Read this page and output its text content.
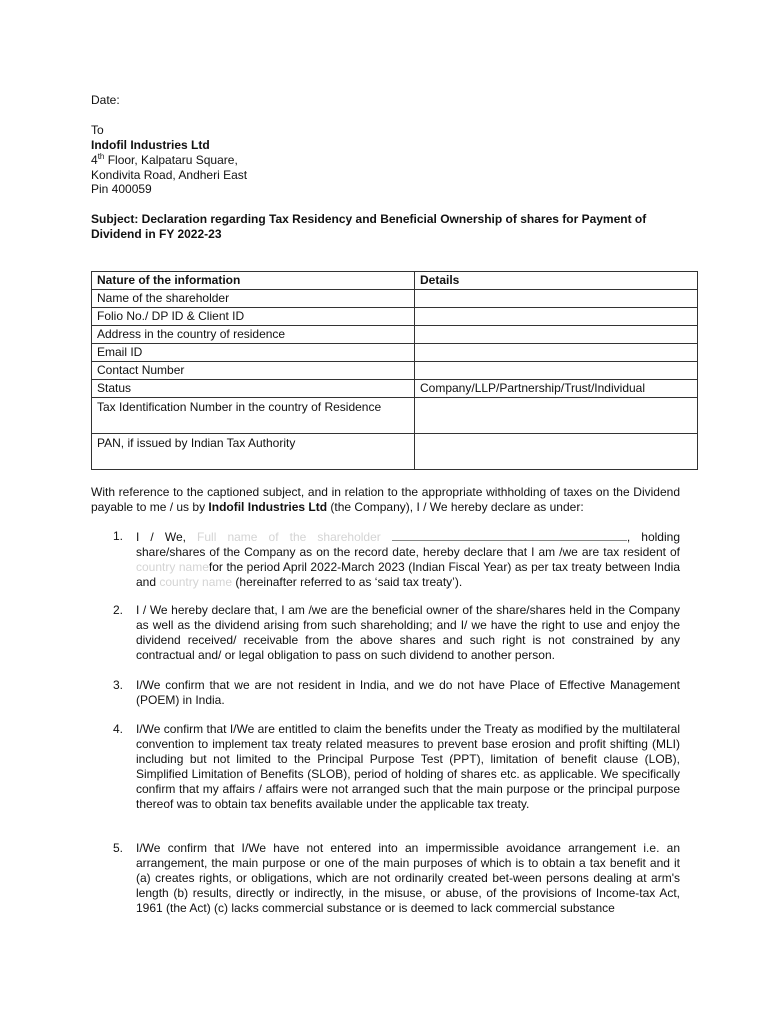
Date:
To
Indofil Industries Ltd
4th Floor, Kalpataru Square,
Kondivita Road, Andheri East
Pin 400059
Subject: Declaration regarding Tax Residency and Beneficial Ownership of shares for Payment of Dividend in FY 2022-23
Nature of the information	Details
Name of the shareholder	
Folio No./ DP ID & Client ID	
Address in the country of residence	
Email ID	
Contact Number	
Status	Company/LLP/Partnership/Trust/Individual
Tax Identification Number in the country of Residence	
PAN, if issued by Indian Tax Authority	
With reference to the captioned subject, and in relation to the appropriate withholding of taxes on the Dividend payable to me / us by Indofil Industries Ltd (the Company), I / We hereby declare as under:
1. I / We, Full name of the shareholder	, holding share/shares of the Company as on the record date, hereby declare that I am /we are tax resident of country namefor the period April 2022-March 2023 (Indian Fiscal Year) as per tax treaty between India and country name (hereinafter referred to as ‘said tax treaty’).
2. I / We hereby declare that, I am /we are the beneficial owner of the share/shares held in the Company as well as the dividend arising from such shareholding; and I/ we have the right to use and enjoy the dividend received/ receivable from the above shares and such right is not constrained by any contractual and/ or legal obligation to pass on such dividend to another person.
3. I/We confirm that we are not resident in India, and we do not have Place of Effective Management (POEM) in India.
4. I/We confirm that I/We are entitled to claim the benefits under the Treaty as modified by the multilateral convention to implement tax treaty related measures to prevent base erosion and profit shifting (MLI) including but not limited to the Principal Purpose Test (PPT), limitation of benefit clause (LOB), Simplified Limitation of Benefits (SLOB), period of holding of shares etc. as applicable. We specifically confirm that my affairs / affairs were not arranged such that the main purpose or the principal purpose thereof was to obtain tax benefits available under the applicable tax treaty.
5. I/We confirm that I/We have not entered into an impermissible avoidance arrangement i.e. an arrangement, the main purpose or one of the main purposes of which is to obtain a tax benefit and it (a) creates rights, or obligations, which are not ordinarily created bet-ween persons dealing at arm's length (b) results, directly or indirectly, in the misuse, or abuse, of the provisions of Income-tax Act, 1961 (the Act) (c) lacks commercial substance or is deemed to lack commercial substance
